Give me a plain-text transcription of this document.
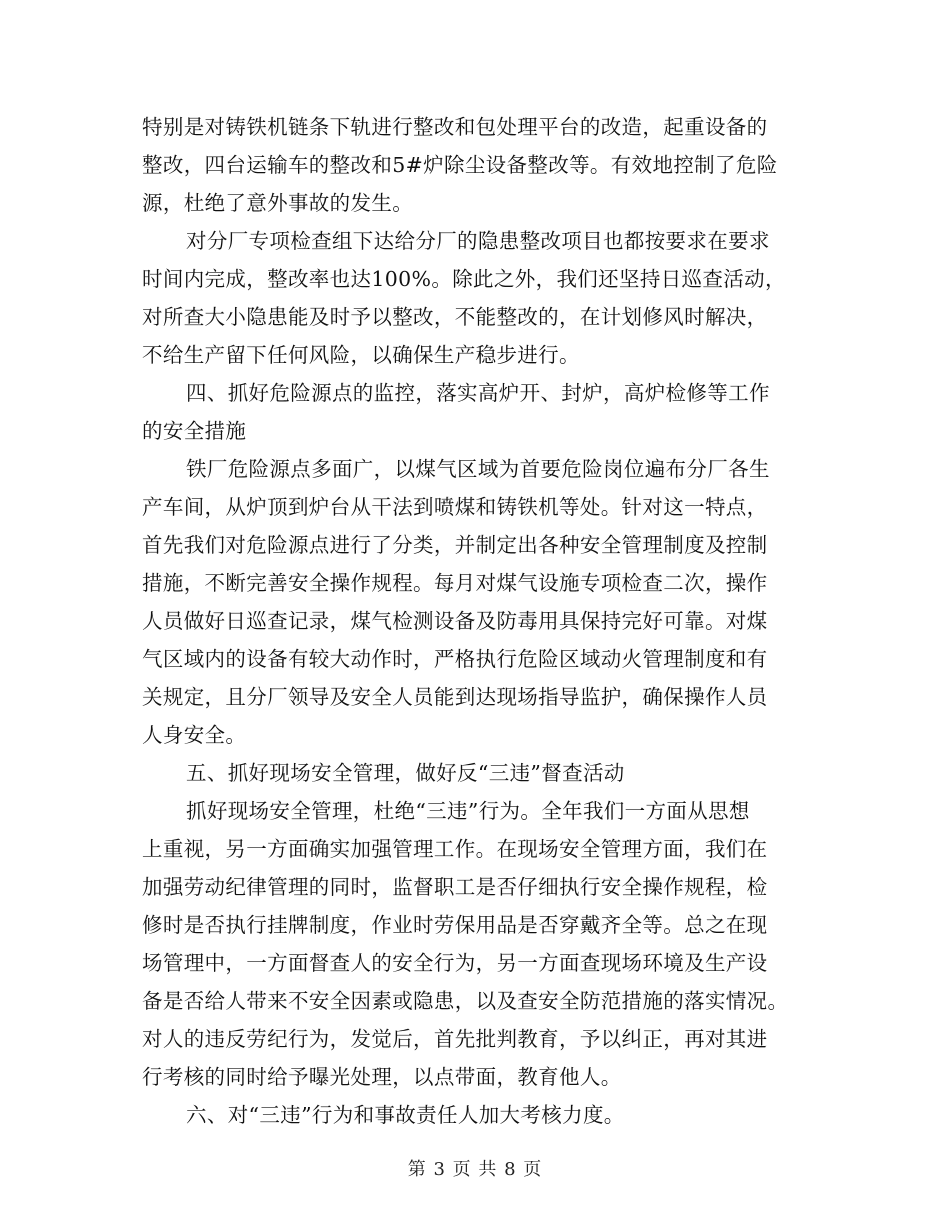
特别是对铸铁机链条下轨进行整改和包处理平台的改造，起重设备的
整改，四台运输车的整改和5#炉除尘设备整改等。有效地控制了危险
源，杜绝了意外事故的发生。
对分厂专项检查组下达给分厂的隐患整改项目也都按要求在要求
时间内完成，整改率也达100%。除此之外，我们还坚持日巡查活动，
对所查大小隐患能及时予以整改，不能整改的，在计划修风时解决，
不给生产留下任何风险，以确保生产稳步进行。
四、抓好危险源点的监控，落实高炉开、封炉，高炉检修等工作
的安全措施
铁厂危险源点多面广，以煤气区域为首要危险岗位遍布分厂各生
产车间，从炉顶到炉台从干法到喷煤和铸铁机等处。针对这一特点，
首先我们对危险源点进行了分类，并制定出各种安全管理制度及控制
措施，不断完善安全操作规程。每月对煤气设施专项检查二次，操作
人员做好日巡查记录，煤气检测设备及防毒用具保持完好可靠。对煤
气区域内的设备有较大动作时，严格执行危险区域动火管理制度和有
关规定，且分厂领导及安全人员能到达现场指导监护，确保操作人员
人身安全。
五、抓好现场安全管理，做好反“三违”督查活动
抓好现场安全管理，杜绝“三违”行为。全年我们一方面从思想
上重视，另一方面确实加强管理工作。在现场安全管理方面，我们在
加强劳动纪律管理的同时，监督职工是否仔细执行安全操作规程，检
修时是否执行挂牌制度，作业时劳保用品是否穿戴齐全等。总之在现
场管理中，一方面督查人的安全行为，另一方面查现场环境及生产设
备是否给人带来不安全因素或隐患，以及查安全防范措施的落实情况。
对人的违反劳纪行为，发觉后，首先批判教育，予以纠正，再对其进
行考核的同时给予曝光处理，以点带面，教育他人。
六、对“三违”行为和事故责任人加大考核力度。
第 3 页 共 8 页
